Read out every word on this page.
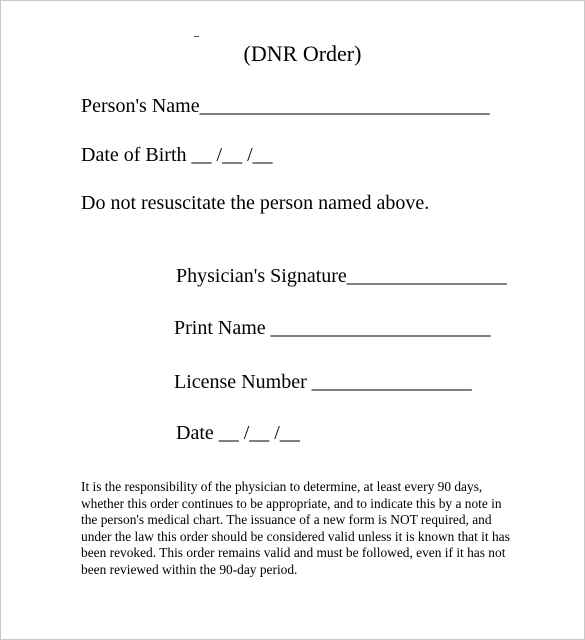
(DNR Order)
Person's Name_____________________________
Date of Birth __ /__ /__
Do not resuscitate the person named above.
Physician's Signature________________
Print Name ______________________
License Number ________________
Date __ /__ /__
It is the responsibility of the physician to determine, at least every 90 days, whether this order continues to be appropriate, and to indicate this by a note in the person's medical chart. The issuance of a new form is NOT required, and under the law this order should be considered valid unless it is known that it has been revoked. This order remains valid and must be followed, even if it has not been reviewed within the 90-day period.
